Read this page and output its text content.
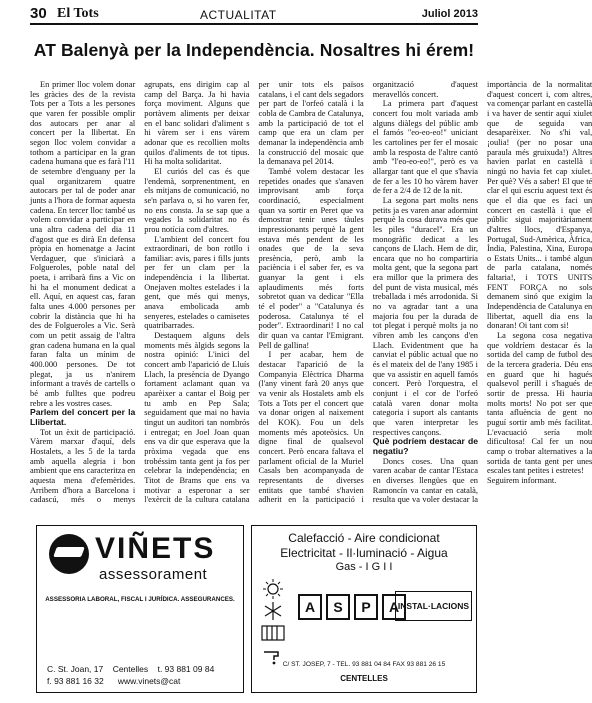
30 El Tots	ACTUALITAT	Juliol 2013
AT Balenyà per la Independència. Nosaltres hi érem!

En primer lloc volem donar les gràcies des de la revista Tots per a Tots a les persones que varen fer possible omplir dos autocars per anar al concert per la llibertat. En segon lloc volem convidar a tothom a participar en la gran cadena humana que es farà l'11 de setembre d'enguany per la qual organitzarem quatre autocars per tal de poder anar junts a l'hora de formar aquesta cadena. En tercer lloc també us volem convidar a participar en una altra cadena del dia 11 d'agost que es dirà En defensa pròpia en homenatge a Jacint Verdaguer, que s'iniciarà a Folgueroles, poble natal del poeta, i arribarà fins a Vic on hi ha el monument dedicat a ell. Aquí, en aquest cas, faran falta unes 4.000 persones per cobrir la distància que hi ha des de Folgueroles a Vic. Serà com un petit assaig de l'altra gran cadena humana en la qual faran falta un mínim de 400.000 persones. De tot plegat, ja us n'anirem informant a través de cartells o bé amb fulltes que podreu rebre a les vostres cases.

Parlem del concert per la Llibertat.

Tot un èxit de participació. Vàrem marxar d'aquí, dels Hostalets, a les 5 de la tarda amb aquella alegria i bon ambient que ens caracteritza en aquesta mena d'efemèrides. Arribem d'hora a Barcelona i cadascú, més o menys agrupats, ens dirigim cap al camp del Barça. Ja hi havia força moviment. Alguns que portàvem aliments per deixar en el banc solidari d'aliment s hi vàrem ser i ens vàrem adonar que es recollien molts quilos d'aliments de tot tipus. Hi ha molta solidaritat.

El curiós del cas és que l'endemà, sorprenentment, en els mitjans de comunicació, no se'n parlava o, si ho varen fer, no ens consta. Ja se sap que a vegades la solidaritat no és prou notícia com d'altres.

L'ambient del concert fou extraordinari, de bon rotllo i familiar: avis, pares i fills junts per fer un clam per la independència i la llibertat. Onejaven moltes estelades i la gent, que més qui menys, anava embolicada amb senyeres, estelades o camisetes quatribarrades.

Destaquem alguns dels moments més àlgids segons la nostra opinió: L'inici del concert amb l'aparició de Lluís Llach, la presència de Dyango fortament aclamant quan va aparèixer a cantar el Boig per tu amb en Pep Sala; seguidament que mai no havia tingut un auditori tan nombrós i entregat; en Joel Joan quan ens va dir que esperava que la pròxima vegada que ens trobéssim tanta gent ja fos per celebrar la independència; en Titot de Brams que ens va motivar a esperonar a ser l'exèrcit de la cultura catalana per unir tots els països catalans, i el cant dels segadors per part de l'orfeó català i la cobla de Cambra de Catalunya, amb la participació de tot el camp que era un clam per demanar la independència amb la construcció del mosaic que la demanava pel 2014.

També volem destacar les repetides onades que s'anaven improvisant amb força coordinació, especialment quan va sortir en Peret que va demostrar tenir unes tàules impressionants perquè la gent estava més pendent de les onades que de la seva presència, però, amb la paciència i el saber fer, es va guanyar la gent i els aplaudiments més forts sobretot quan va dedicar "Ella té el poder" a "Catalunya és poderosa. Catalunya té el poder". Extraordinari! I no cal dir quan va cantar l'Emigrant. Pell de gallina!

I per acabar, hem de destacar l'aparició de la Companyia Elèctrica Dharma (l'any vinent farà 20 anys que va venir als Hostalets amb els Tots a Tots per el concert que va donar origen al naixement del KOK). Fou un dels moments més apoteòsics. Un digne final de qualsevol concert. Però encara faltava el parlament oficial de la Muriel Casals ben acompanyada de representants de diverses entitats que també s'havien adherit en la participació i organització d'aquest meravellós concert.

La primera part d'aquest concert fou molt variada amb alguns diàlegs del públic amb el famós "eo-eo-eo!" uniciant les cartolines per fer el mosaic amb la resposta de l'altre cantó amb "l'eo-eo-eo!", però es va allargar tant que el que s'havia de fer a les 10 ho vàrem haver de fer a 2/4 de 12 de la nit.

La segona part molts nens petits ja es varen anar adormint perquè la cosa durava més que les piles "duracel". Era un monogràfic dedicat a les cançons de Llach. Hem de dir, encara que no ho compartiria molta gent, que la segona part era millor que la primera des del punt de vista musical, més treballada i més arrodonida. Si no va agradar tant a una majoria fou per la durada de tot plegat i perquè molts ja no vibren amb les cançons d'en Llach. Evidentment que ha canviat el públic actual que no és el mateix del de l'any 1985 i que va assistir en aquell famós concert. Però l'orquestra, el conjunt i el cor de l'orfeó català varen donar molta categoria i suport als cantants que varen interpretar les respectives cançons.

Què podríem destacar de negatiu?

Doncs coses. Una quan varen acabar de cantar l'Estaca en diverses llengües que en Ramoncín va cantar en català, resulta que va voler destacar la importància de la normalitat d'aquest concert i, com altres, va començar parlant en castellà i va haver de sentir aquí xiulet que de seguida van desaparèixer. No s'hi val, ¡oulia! (per no posar una paraula més gruixuda!) Altres havien parlat en castellà i ningú no havia fet cap xiulet. Per què? Vés a saber! El que té clar el qui escriu aquest text és que el dia que es faci un concert en castellà i que el públic sigui majoritàriament d'altres llocs, d'Espanya, Portugal, Sud-Amèrica, Àfrica, Índia, Palestina, Xina, Europa o Estats Units... i també algun de parla catalana, només faltaria!, i TOTS UNITS FENT FORÇA no sols demanem sinó que exigim la Independència de Catalunya en llibertat, aquell dia ens la donaran! Oi tant com si!

La segona cosa negativa que voldríem destacar és la sortida del camp de futbol des de la tercera graderia. Déu ens en guard que hi hagués qualsevol perill i s'hagués de sortir de pressa. Hi hauria molts morts! No pot ser que tanta afluència de gent no puguí sortir amb més facilitat. L'evacuació sería molt dificultosa! Cal fer un nou camp o trobar alternatives a la sortida de tanta gent per unes escales tant petites i estretes!

Seguirem informant.

VIÑETS
assessorament
ASSESSORIA LABORAL, FISCAL I JURÍDICA. ASSEGURANCES.
C. St. Joan, 17 Centelles t. 93 881 09 84
f. 93 881 16 32 www.vinets@cat
Calefacció - Aire condicionat
Electricitat - Il·luminació - Aigua
Gas - I G I I
A	S	P	A
INSTAL·LACIONS
C/ ST. JOSEP, 7 - TEL. 93 881 04 84 FAX 93 881 26 15
CENTELLES
